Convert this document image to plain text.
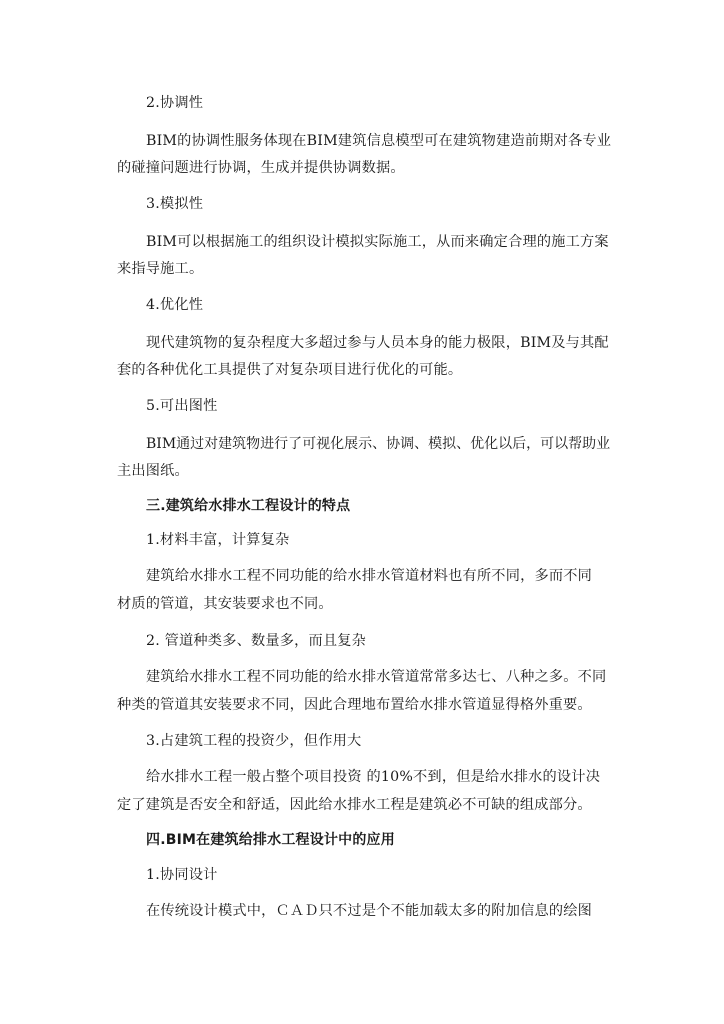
2.协调性
BIM的协调性服务体现在BIM建筑信息模型可在建筑物建造前期对各专业
的碰撞问题进行协调，生成并提供协调数据。
3.模拟性
BIM可以根据施工的组织设计模拟实际施工，从而来确定合理的施工方案
来指导施工。
4.优化性
现代建筑物的复杂程度大多超过参与人员本身的能力极限，BIM及与其配
套的各种优化工具提供了对复杂项目进行优化的可能。
5.可出图性
BIM通过对建筑物进行了可视化展示、协调、模拟、优化以后，可以帮助业
主出图纸。
三.建筑给水排水工程设计的特点
1.材料丰富，计算复杂
建筑给水排水工程不同功能的给水排水管道材料也有所不同，多而不同
材质的管道，其安装要求也不同。
2. 管道种类多、数量多，而且复杂
建筑给水排水工程不同功能的给水排水管道常常多达七、八种之多。不同
种类的管道其安装要求不同，因此合理地布置给水排水管道显得格外重要。
3.占建筑工程的投资少，但作用大
给水排水工程一般占整个项目投资 的10%不到，但是给水排水的设计决
定了建筑是否安全和舒适，因此给水排水工程是建筑必不可缺的组成部分。
四.BIM在建筑给排水工程设计中的应用
1.协同设计
在传统设计模式中，ＣＡＤ只不过是个不能加载太多的附加信息的绘图
